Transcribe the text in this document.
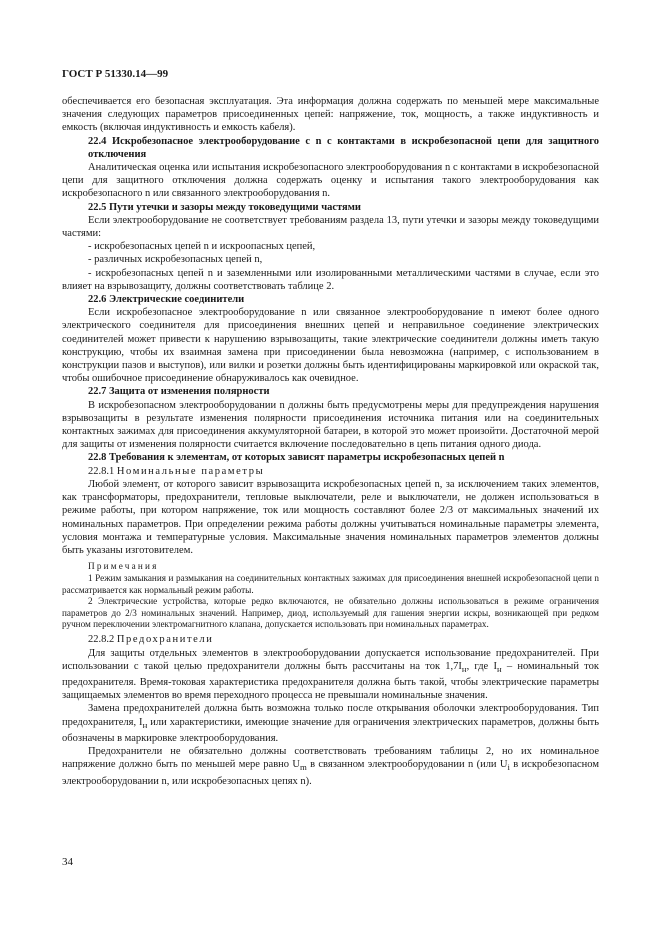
ГОСТ Р 51330.14—99

обеспечивается его безопасная эксплуатация. Эта информация должна содержать по меньшей мере максимальные значения следующих параметров присоединенных цепей: напряжение, ток, мощность, а также индуктивность и емкость (включая индуктивность и емкость кабеля).

22.4 Искробезопасное электрооборудование с n с контактами в искробезопасной цепи для защитного отключения

Аналитическая оценка или испытания искробезопасного электрооборудования n с контактами в искробезопасной цепи для защитного отключения должна содержать оценку и испытания такого электрооборудования как искробезопасного n или связанного электрооборудования n.

22.5 Пути утечки и зазоры между токоведущими частями

Если электрооборудование не соответствует требованиям раздела 13, пути утечки и зазоры между токоведущими частями:

- искробезопасных цепей n и искроопасных цепей,

- различных искробезопасных цепей n,

- искробезопасных цепей n и заземленными или изолированными металлическими частями в случае, если это влияет на взрывозащиту, должны соответствовать таблице 2.

22.6 Электрические соединители

Если искробезопасное электрооборудование n или связанное электрооборудование n имеют более одного электрического соединителя для присоединения внешних цепей и неправильное соединение электрических соединителей может привести к нарушению взрывозащиты, такие электрические соединители должны иметь такую конструкцию, чтобы их взаимная замена при присоединении была невозможна (например, с использованием в конструкции пазов и выступов), или вилки и розетки должны быть идентифицированы маркировкой или окраской так, чтобы ошибочное присоединение обнаруживалось как очевидное.

22.7 Защита от изменения полярности

В искробезопасном электрооборудовании n должны быть предусмотрены меры для предупреждения нарушения взрывозащиты в результате изменения полярности присоединения источника питания или на соединительных контактных зажимах для присоединения аккумуляторной батареи, в которой это может произойти. Достаточной мерой для защиты от изменения полярности считается включение последовательно в цепь питания одного диода.

22.8 Требования к элементам, от которых зависят параметры искробезопасных цепей n

22.8.1 Номинальные параметры

Любой элемент, от которого зависит взрывозащита искробезопасных цепей n, за исключением таких элементов, как трансформаторы, предохранители, тепловые выключатели, реле и выключатели, не должен использоваться в режиме работы, при котором напряжение, ток или мощность составляют более 2/3 от максимальных значений их номинальных параметров. При определении режима работы должны учитываться номинальные параметры элемента, условия монтажа и температурные условия. Максимальные значения номинальных параметров элементов должны быть указаны изготовителем.

Примечания

1 Режим замыкания и размыкания на соединительных контактных зажимах для присоединения внешней искробезопасной цепи n рассматривается как нормальный режим работы.

2 Электрические устройства, которые редко включаются, не обязательно должны использоваться в режиме ограничения параметров до 2/3 номинальных значений. Например, диод, используемый для гашения энергии искры, возникающей при редком ручном переключении электромагнитного клапана, допускается использовать при номинальных параметрах.

22.8.2 Предохранители

Для защиты отдельных элементов в электрооборудовании допускается использование предохранителей. При использовании с такой целью предохранители должны быть рассчитаны на ток $1,7I_н$, где $I_н$ – номинальный ток предохранителя. Время-токовая характеристика предохранителя должна быть такой, чтобы электрические параметры защищаемых элементов во время переходного процесса не превышали номинальные значения.

Замена предохранителей должна быть возможна только после открывания оболочки электрооборудования. Тип предохранителя, $I_н$ или характеристики, имеющие значение для ограничения электрических параметров, должны быть обозначены в маркировке электрооборудования.

Предохранители не обязательно должны соответствовать требованиям таблицы 2, но их номинальное напряжение должно быть по меньшей мере равно $U_m$ в связанном электрооборудовании n (или $U_i$ в искробезопасном электрооборудовании n, или искробезопасных цепях n).

34
